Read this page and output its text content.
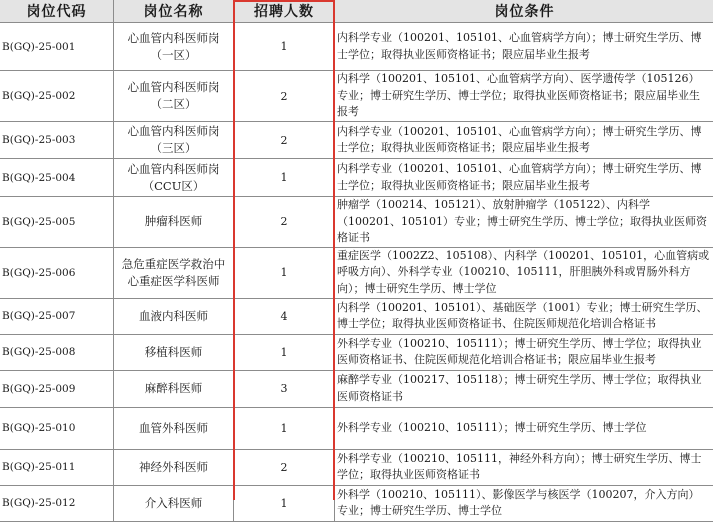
岗位代码	岗位名称	招聘人数	岗位条件
B(GQ)-25-001	心血管内科医师岗（一区）	1	内科学专业（100201、105101、心血管病学方向）；博士研究生学历、博士学位；取得执业医师资格证书；限应届毕业生报考
B(GQ)-25-002	心血管内科医师岗（二区）	2	内科学（100201、105101、心血管病学方向）、医学遗传学（105126）专业；博士研究生学历、博士学位；取得执业医师资格证书；限应届毕业生报考
B(GQ)-25-003	心血管内科医师岗（三区）	2	内科学专业（100201、105101、心血管病学方向）；博士研究生学历、博士学位；取得执业医师资格证书；限应届毕业生报考
B(GQ)-25-004	心血管内科医师岗（CCU区）	1	内科学专业（100201、105101、心血管病学方向）；博士研究生学历、博士学位；取得执业医师资格证书；限应届毕业生报考
B(GQ)-25-005	肿瘤科医师	2	肿瘤学（100214、105121）、放射肿瘤学（105122）、内科学（100201、105101）专业；博士研究生学历、博士学位；取得执业医师资格证书
B(GQ)-25-006	急危重症医学救治中心重症医学科医师	1	重症医学（1002Z2、105108）、内科学（100201、105101，心血管病或呼吸方向）、外科学专业（100210、105111，肝胆胰外科或胃肠外科方向）；博士研究生学历、博士学位
B(GQ)-25-007	血液内科医师	4	内科学（100201、105101）、基础医学（1001）专业；博士研究生学历、博士学位；取得执业医师资格证书、住院医师规范化培训合格证书
B(GQ)-25-008	移植科医师	1	外科学专业（100210、105111）；博士研究生学历、博士学位；取得执业医师资格证书、住院医师规范化培训合格证书；限应届毕业生报考
B(GQ)-25-009	麻醉科医师	3	麻醉学专业（100217、105118）；博士研究生学历、博士学位；取得执业医师资格证书
B(GQ)-25-010	血管外科医师	1	外科学专业（100210、105111）；博士研究生学历、博士学位
B(GQ)-25-011	神经外科医师	2	外科学专业（100210、105111，神经外科方向）；博士研究生学历、博士学位；取得执业医师资格证书
B(GQ)-25-012	介入科医师	1	外科学（100210、105111）、影像医学与核医学（100207，介入方向）专业；博士研究生学历、博士学位
